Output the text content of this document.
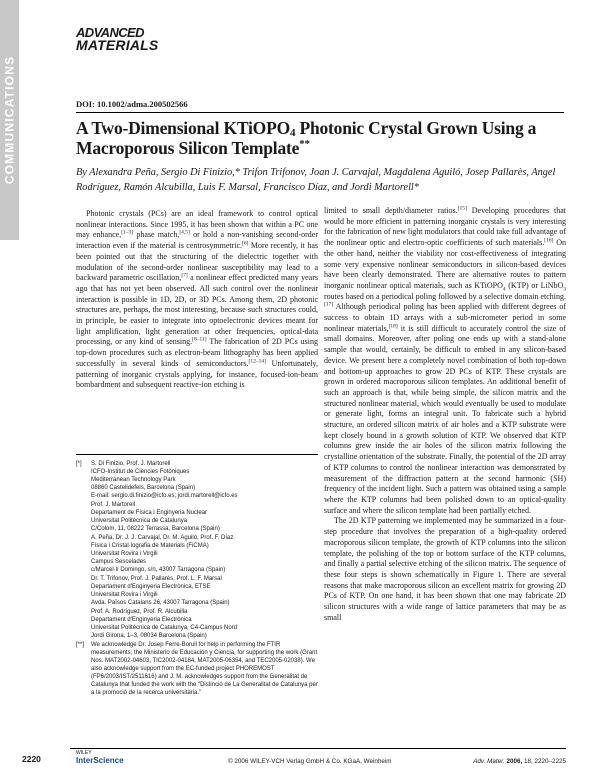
COMMUNICATIONS
ADVANCED
MATERIALS
DOI: 10.1002/adma.200502566
A Two-Dimensional KTiOPO$_4$ Photonic Crystal Grown Using a Macroporous Silicon Template**
By Alexandra Peña, Sergio Di Finizio,* Trifon Trifonov, Joan J. Carvajal, Magdalena Aguiló, Josep Pallarès, Angel Rodríguez, Ramón Alcubilla, Luis F. Marsal, Francisco Díaz, and Jordi Martorell*

Photonic crystals (PCs) are an ideal framework to control optical nonlinear interactions. Since 1995, it has been shown that within a PC one may enhance,[1–3] phase match,[4,5] or hold a non-vanishing second-order interaction even if the material is centrosymmetric.[6] More recently, it has been pointed out that the structuring of the dielectric together with modulation of the second-order nonlinear susceptibility may lead to a backward parametric oscillation,[7] a nonlinear effect predicted many years ago that has not yet been observed. All such control over the nonlinear interaction is possible in 1D, 2D, or 3D PCs. Among them, 2D photonic structures are, perhaps, the most interesting, because such structures could, in principle, be easier to integrate into optoelectronic devices meant for light amplification, light generation at other frequencies, optical-data processing, or any kind of sensing.[8–11] The fabrication of 2D PCs using top-down procedures such as electron-beam lithography has been applied successfully in several kinds of semiconductors.[12–14] Unfortunately, patterning of inorganic crystals applying, for instance, focused-ion-beam bombardment and subsequent reactive-ion etching is

[*] S. Di Finizio, Prof. J. Martorell
ICFO-Institut de Ciències Fotòniques
Mediterranean Technology Park
08860 Castelldefels, Barcelona (Spain)
E-mail: sergio.di.finizio@icfo.es; jordi.martorell@icfo.es
Prof. J. Martorell
Departament de Física i Enginyeria Nuclear
Universitat Politècnica de Catalunya
C/Colom, 11, 08222 Terrassa, Barcelona (Spain)
A. Peña, Dr. J. J. Carvajal, Dr. M. Aguiló, Prof. F. Díaz
Física i Cristal·lografia de Materials (FiCMA)
Universitat Rovira i Virgili
Campus Sescelades
c/Marcel·lí Domingo, s/n, 43007 Tarragona (Spain)
Dr. T. Trifonov, Prof. J. Pallarès, Prof. L. F. Marsal
Departament d'Enginyeria Electrònica, ETSE
Universitat Rovira i Virgili
Avda. Països Catalans 26, 43007 Tarragona (Spain)
Prof. A. Rodríguez, Prof. R. Alcubilla
Departament d'Enginyeria Electrònica
Universitat Politècnica de Catalunya, C4-Campus Nord
Jordi Girona, 1–3, 08034 Barcelona (Spain)
[**] We acknowledge Dr. Josep Ferre-Borull for help in performing the FTIR measurements; the Ministerio de Educación y Ciencia, for supporting the work (Grant Nos. MAT2002-04603, TIC2002-04184, MAT2005-06354, and TEC2005-02038). We also acknowledge support from the EC-funded project PHOREMOST (FP6/2003/IST/2511616) and J. M. acknowledges support from the Generalitat de Catalunya that funded the work with the “Distinció de La Generalitat de Catalunya per a la promoció de la recerca universitària.”

limited to small depth/diameter ratios.[15] Developing procedures that would be more efficient in patterning inorganic crystals is very interesting for the fabrication of new light modulators that could take full advantage of the nonlinear optic and electro-optic coefficients of such materials.[16] On the other hand, neither the viability nor cost-effectiveness of integrating some very expensive nonlinear semiconductors in silicon-based devices have been clearly demonstrated. There are alternative routes to pattern inorganic nonlinear optical materials, such as KTiOPO$_4$ (KTP) or LiNbO$_3$ routes based on a periodical poling followed by a selective domain etching.[17] Although periodical poling has been applied with different degrees of success to obtain 1D arrays with a sub-micrometer period in some nonlinear materials,[18] it is still difficult to accurately control the size of small domains. Moreover, after poling one ends up with a stand-alone sample that would, certainly, be difficult to embed in any silicon-based device. We present here a completely novel combination of both top-down and bottom-up approaches to grow 2D PCs of KTP. These crystals are grown in ordered macroporous silicon templates. An additional benefit of such an approach is that, while being simple, the silicon matrix and the structured nonlinear material, which would eventually be used to modulate or generate light, forms an integral unit. To fabricate such a hybrid structure, an ordered silicon matrix of air holes and a KTP substrate were kept closely bound in a growth solution of KTP. We observed that KTP columns grew inside the air holes of the silicon matrix following the crystalline orientation of the substrate. Finally, the potential of the 2D array of KTP columns to control the nonlinear interaction was demonstrated by measurement of the diffraction pattern at the second harmonic (SH) frequency of the incident light. Such a pattern was obtained using a sample where the KTP columns had been polished down to an optical-quality surface and where the silicon template had been partially etched.

The 2D KTP patterning we implemented may be summarized in a four-step procedure that involves the preparation of a high-quality ordered macroporous silicon template, the growth of KTP columns into the silicon template, the polishing of the top or bottom surface of the KTP columns, and finally a partial selective etching of the silicon matrix. The sequence of these four steps is shown schematically in Figure 1. There are several reasons that make macroporous silicon an excellent matrix for growing 2D PCs of KTP. On one hand, it has been shown that one may fabricate 2D silicon structures with a wide range of lattice parameters that may be as small

2220
WILEY
InterScience	© 2006 WILEY-VCH Verlag GmbH & Co. KGaA, Weinheim	Adv. Mater. 2006, 18, 2220–2225
